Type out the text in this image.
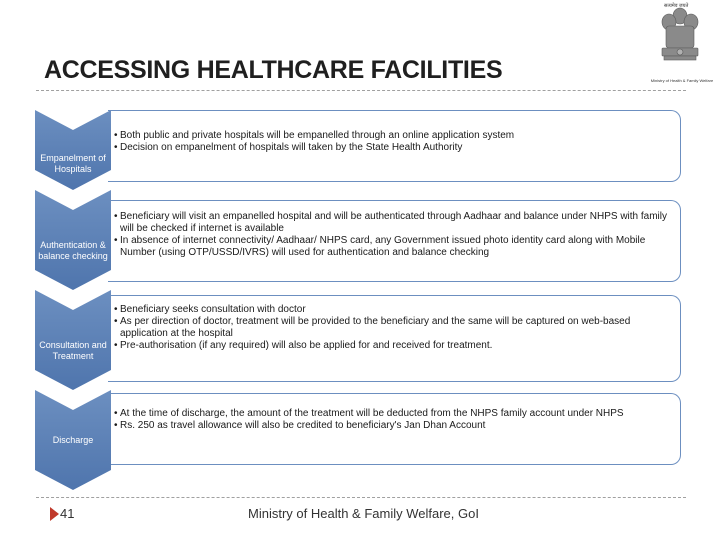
ACCESSING HEALTHCARE FACILITIES
सत्यमेव जयते
Ministry of Health & Family Welfare
Empanelment of Hospitals
• Both public and private hospitals will be empanelled through an online application system
• Decision on empanelment of hospitals will taken by the State Health Authority
Authentication & balance checking
• Beneficiary will visit an empanelled hospital and will be authenticated through Aadhaar and balance under NHPS with family will be checked if internet is available
• In absence of internet connectivity/ Aadhaar/ NHPS card, any Government issued photo identity card along with Mobile Number (using OTP/USSD/IVRS) will used for authentication and balance checking
Consultation and Treatment
• Beneficiary seeks consultation with doctor
• As per direction of doctor, treatment will be provided to the beneficiary and the same will be captured on web-based application at the hospital
• Pre-authorisation (if any required) will also be applied for and received for treatment.
Discharge
• At the time of discharge, the amount of the treatment will be deducted from the NHPS family account under NHPS
• Rs. 250 as travel allowance will also be credited to beneficiary's Jan Dhan Account
41	Ministry of Health & Family Welfare, GoI
